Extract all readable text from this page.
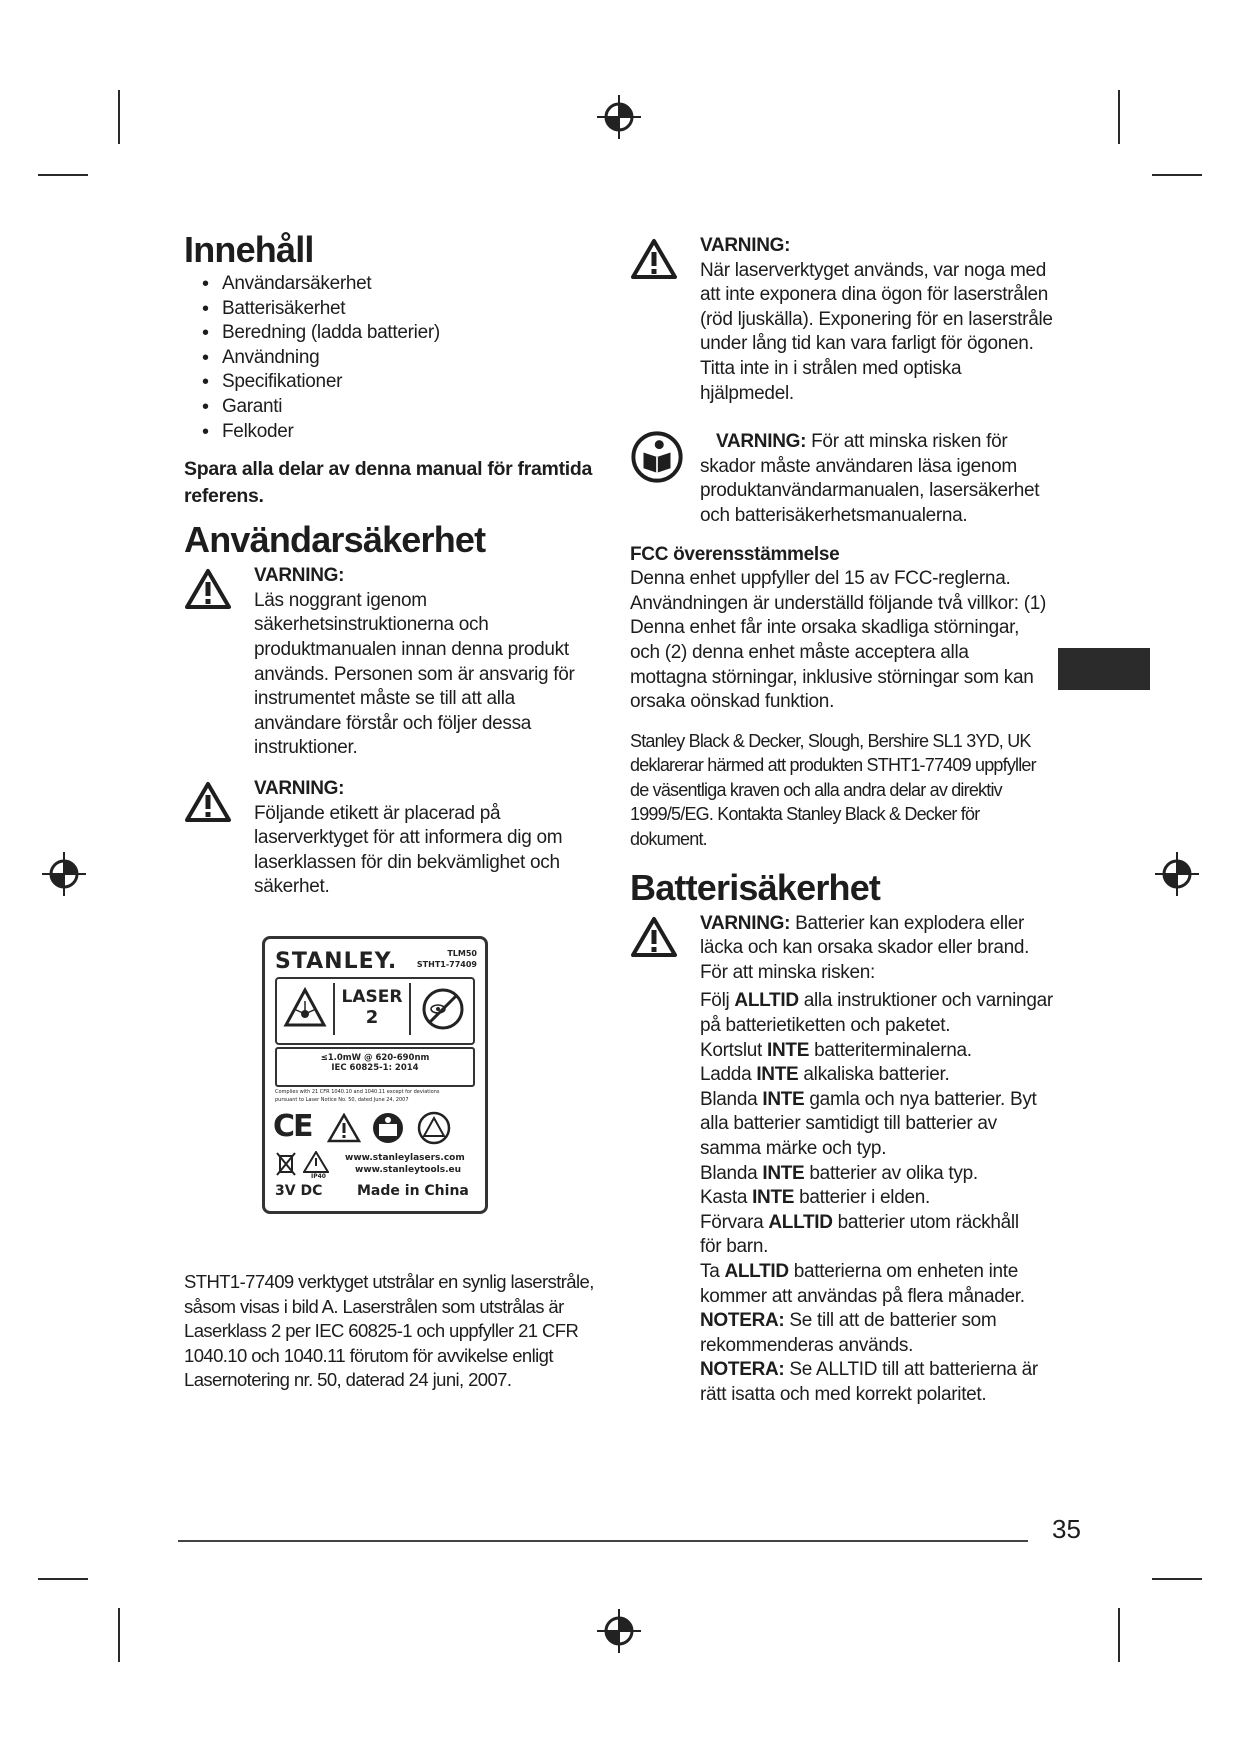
Innehåll
• Användarsäkerhet
• Batterisäkerhet
• Beredning (ladda batterier)
• Användning
• Specifikationer
• Garanti
• Felkoder

Spara alla delar av denna manual för framtida referens.

Användarsäkerhet

VARNING:

Läs noggrant igenom säkerhetsinstruktionerna och produktmanualen innan denna produkt används. Personen som är ansvarig för instrumentet måste se till att alla användare förstår och följer dessa instruktioner.

VARNING:

Följande etikett är placerad på laserverktyget för att informera dig om laserklassen för din bekvämlighet och säkerhet.

STANLEY.	TLM50
STHT1-77409
LASER
2
≤1.0mW @ 620-690nm
IEC 60825-1: 2014
Complies with 21 CFR 1040.10 and 1040.11 except for deviations
pursuant to Laser Notice No. 50, dated June 24, 2007
CE
IP40
www.stanleylasers.com
www.stanleytools.eu
3V DC Made in China

STHT1-77409 verktyget utstrålar en synlig laserstråle, såsom visas i bild A. Laserstrålen som utstrålas är Laserklass 2 per IEC 60825-1 och uppfyller 21 CFR 1040.10 och 1040.11 förutom för avvikelse enligt Lasernotering nr. 50, daterad 24 juni, 2007.

VARNING:

När laserverktyget används, var noga med att inte exponera dina ögon för laserstrålen (röd ljuskälla). Exponering för en laserstråle under lång tid kan vara farligt för ögonen. Titta inte in i strålen med optiska hjälpmedel.

VARNING: För att minska risken för skador måste användaren läsa igenom produktanvändarmanualen, lasersäkerhet och batterisäkerhetsmanualerna.

FCC överensstämmelse

Denna enhet uppfyller del 15 av FCC-reglerna. Användningen är underställd följande två villkor: (1) Denna enhet får inte orsaka skadliga störningar, och (2) denna enhet måste acceptera alla mottagna störningar, inklusive störningar som kan orsaka oönskad funktion.

Stanley Black & Decker, Slough, Bershire SL1 3YD, UK deklarerar härmed att produkten STHT1-77409 uppfyller de väsentliga kraven och alla andra delar av direktiv 1999/5/EG. Kontakta Stanley Black & Decker för dokument.

Batterisäkerhet

VARNING: Batterier kan explodera eller läcka och kan orsaka skador eller brand.

För att minska risken:

Följ ALLTID alla instruktioner och varningar på batterietiketten och paketet.

Kortslut INTE batteriterminalerna.

Ladda INTE alkaliska batterier.

Blanda INTE gamla och nya batterier. Byt alla batterier samtidigt till batterier av samma märke och typ.

Blanda INTE batterier av olika typ.

Kasta INTE batterier i elden.

Förvara ALLTID batterier utom räckhåll för barn.

Ta ALLTID batterierna om enheten inte kommer att användas på flera månader.

NOTERA: Se till att de batterier som rekommenderas används.

NOTERA: Se ALLTID till att batterierna är rätt isatta och med korrekt polaritet.

35
